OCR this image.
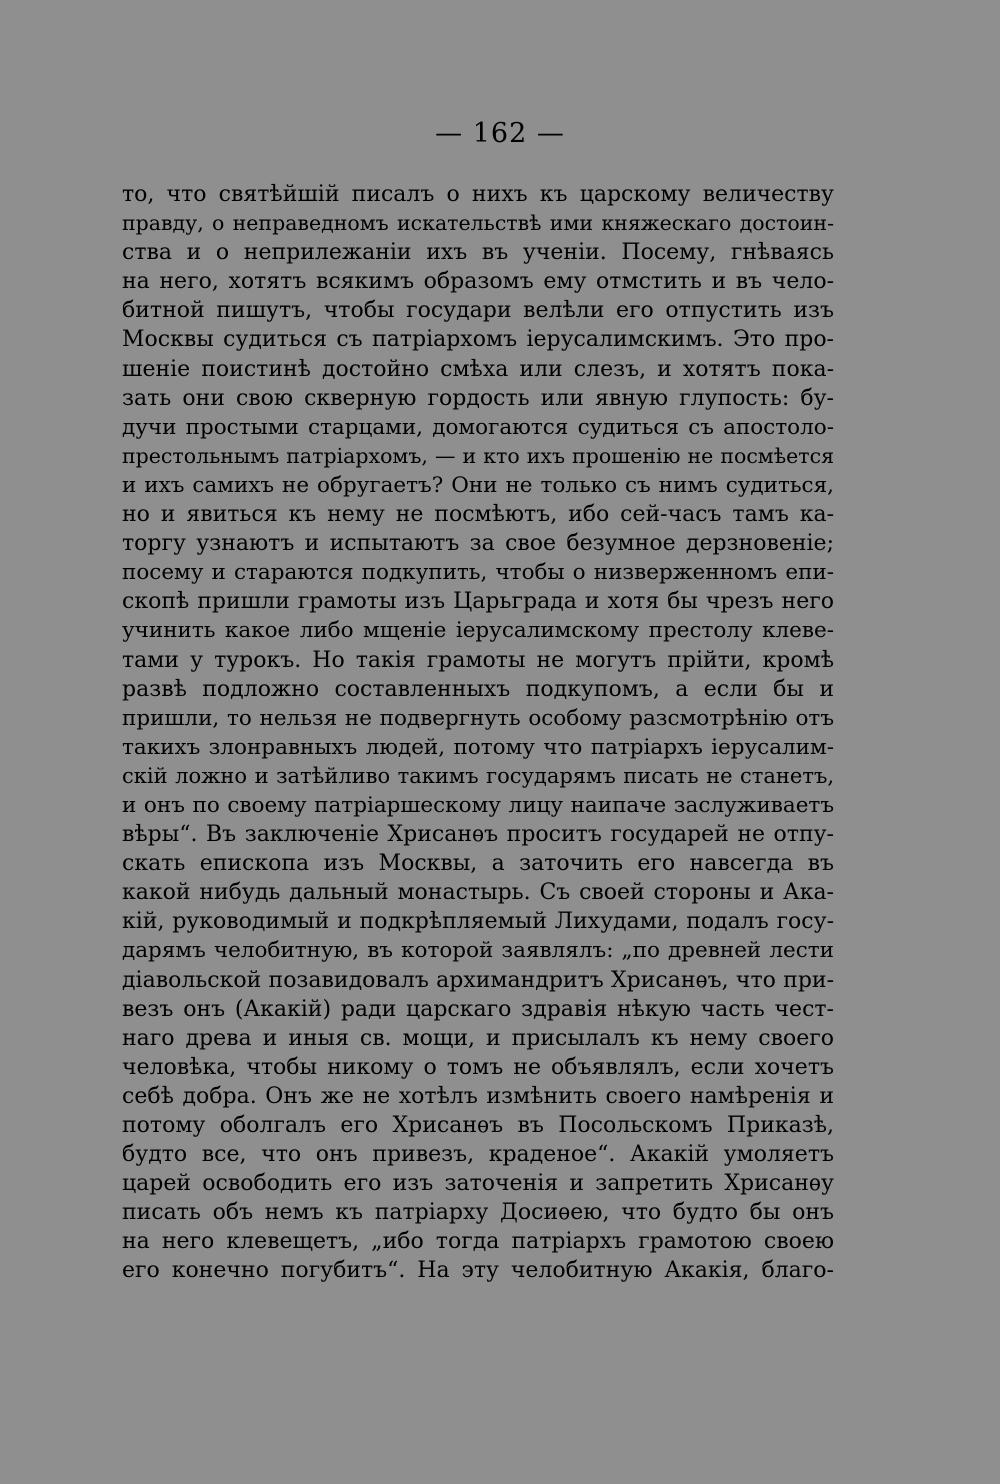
— 162 —
то, что святѣйшій писалъ о нихъ къ царскому величеству
правду, о неправедномъ искательствѣ ими княжескаго достоин-
ства и о неприлежаніи ихъ въ ученіи. Посему, гнѣваясь
на него, хотятъ всякимъ образомъ ему отмстить и въ чело-
битной пишутъ, чтобы государи велѣли его отпустить изъ
Москвы судиться съ патріархомъ іерусалимскимъ. Это про-
шеніе поистинѣ достойно смѣха или слезъ, и хотятъ пока-
зать они свою скверную гордость или явную глупость: бу-
дучи простыми старцами, домогаются судиться съ апостоло-
престольнымъ патріархомъ, — и кто ихъ прошенію не посмѣется
и ихъ самихъ не обругаетъ? Они не только съ нимъ судиться,
но и явиться къ нему не посмѣютъ, ибо сей-часъ тамъ ка-
торгу узнаютъ и испытаютъ за свое безумное дерзновеніе;
посему и стараются подкупить, чтобы о низверженномъ епи-
скопѣ пришли грамоты изъ Царьграда и хотя бы чрезъ него
учинить какое либо мщеніе іерусалимскому престолу клеве-
тами у турокъ. Но такія грамоты не могутъ прійти, кромѣ
развѣ подложно составленныхъ подкупомъ, а если бы и
пришли, то нельзя не подвергнуть особому разсмотрѣнію отъ
такихъ злонравныхъ людей, потому что патріархъ іерусалим-
скій ложно и затѣйливо такимъ государямъ писать не станетъ,
и онъ по своему патріаршескому лицу наипаче заслуживаетъ
вѣры“. Въ заключеніе Хрисанѳъ проситъ государей не отпу-
скать епископа изъ Москвы, а заточить его навсегда въ
какой нибудь дальный монастырь. Съ своей стороны и Ака-
кій, руководимый и подкрѣпляемый Лихудами, подалъ госу-
дарямъ челобитную, въ которой заявлялъ: „по древней лести
діавольской позавидовалъ архимандритъ Хрисанѳъ, что при-
везъ онъ (Акакій) ради царскаго здравія нѣкую часть чест-
наго древа и иныя св. мощи, и присылалъ къ нему своего
человѣка, чтобы никому о томъ не объявлялъ, если хочетъ
себѣ добра. Онъ же не хотѣлъ измѣнить своего намѣренія и
потому оболгалъ его Хрисанѳъ въ Посольскомъ Приказѣ,
будто все, что онъ привезъ, краденое“. Акакій умоляетъ
царей освободить его изъ заточенія и запретить Хрисанѳу
писать объ немъ къ патріарху Досиѳею, что будто бы онъ
на него клевещетъ, „ибо тогда патріархъ грамотою своею
его конечно погубитъ“. На эту челобитную Акакія, благо-
